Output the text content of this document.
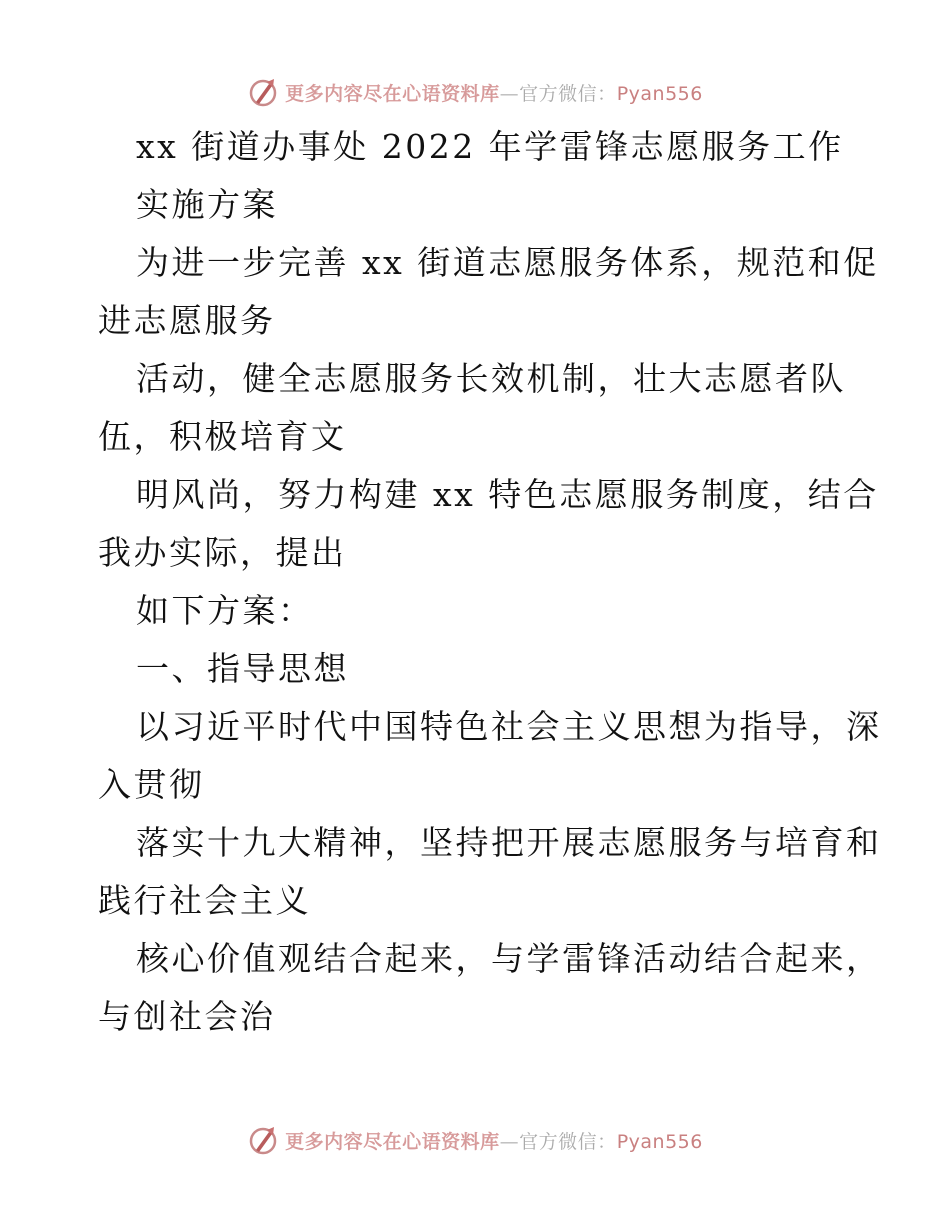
更多内容尽在心语资料库—官方微信：Pyan556
xx 街道办事处 2022 年学雷锋志愿服务工作
实施方案
为进一步完善 xx 街道志愿服务体系，规范和促
进志愿服务
活动，健全志愿服务长效机制，壮大志愿者队
伍，积极培育文
明风尚，努力构建 xx 特色志愿服务制度，结合
我办实际，提出
如下方案：
一、指导思想
以习近平时代中国特色社会主义思想为指导，深
入贯彻
落实十九大精神，坚持把开展志愿服务与培育和
践行社会主义
核心价值观结合起来，与学雷锋活动结合起来，
与创社会治
更多内容尽在心语资料库—官方微信：Pyan556
